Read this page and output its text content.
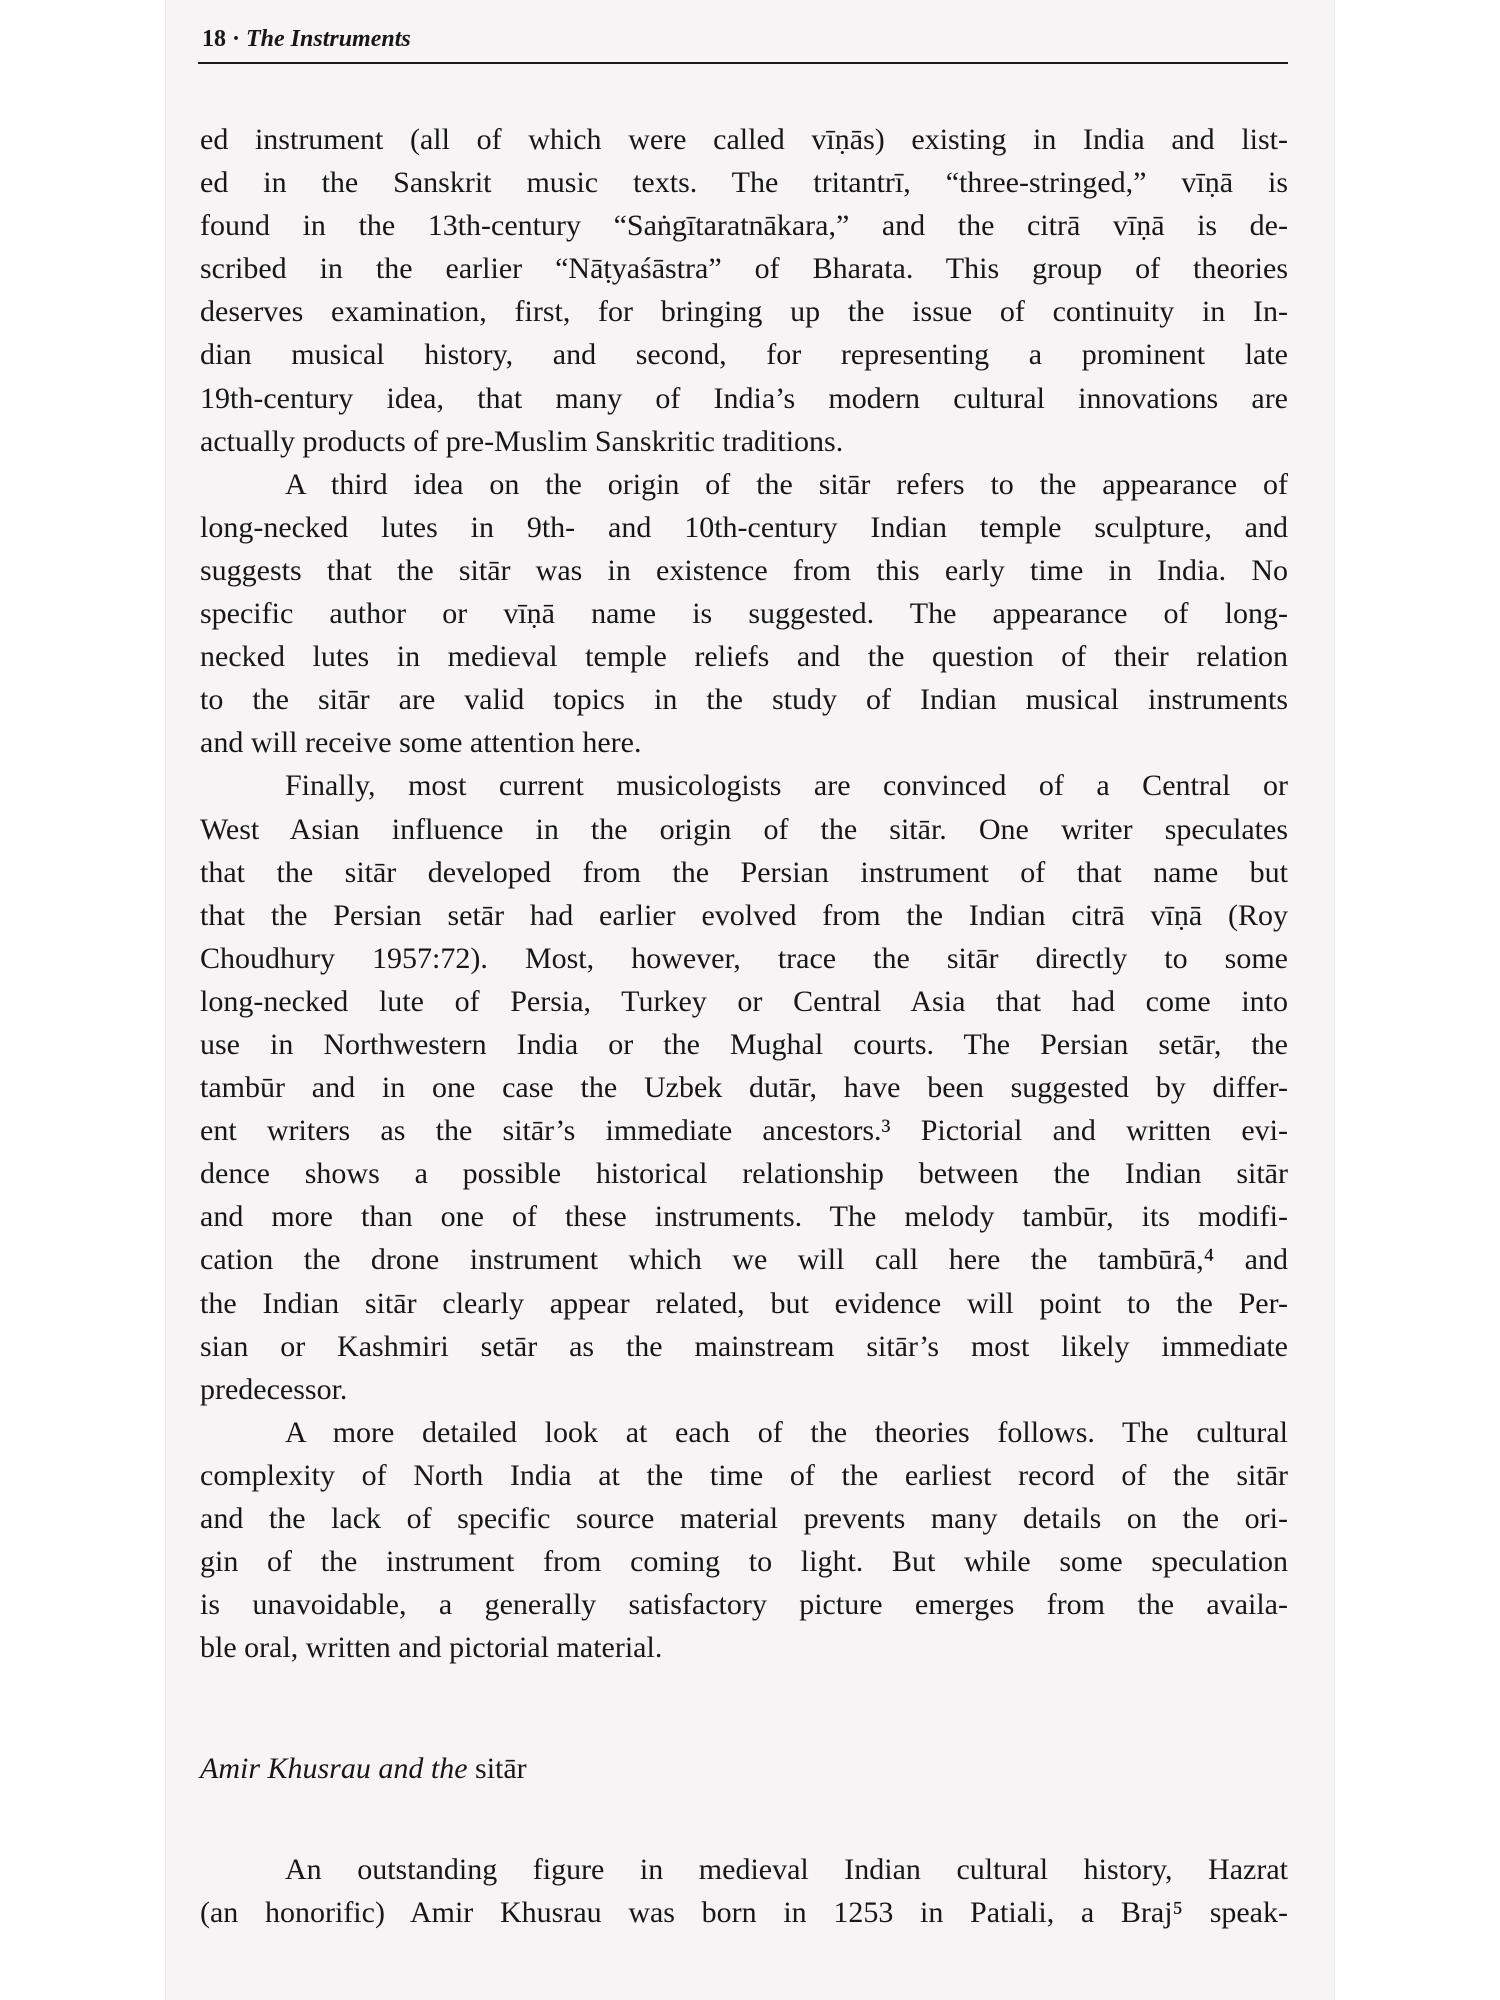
18 · The Instruments
ed instrument (all of which were called vīṇās) existing in India and list-
ed in the Sanskrit music texts. The tritantrī, “three-stringed,” vīṇā is
found in the 13th-century “Saṅgītaratnākara,” and the citrā vīṇā is de-
scribed in the earlier “Nāṭyaśāstra” of Bharata. This group of theories
deserves examination, first, for bringing up the issue of continuity in In-
dian musical history, and second, for representing a prominent late
19th-century idea, that many of India’s modern cultural innovations are
actually products of pre-Muslim Sanskritic traditions.
A third idea on the origin of the sitār refers to the appearance of
long-necked lutes in 9th- and 10th-century Indian temple sculpture, and
suggests that the sitār was in existence from this early time in India. No
specific author or vīṇā name is suggested. The appearance of long-
necked lutes in medieval temple reliefs and the question of their relation
to the sitār are valid topics in the study of Indian musical instruments
and will receive some attention here.
Finally, most current musicologists are convinced of a Central or
West Asian influence in the origin of the sitār. One writer speculates
that the sitār developed from the Persian instrument of that name but
that the Persian setār had earlier evolved from the Indian citrā vīṇā (Roy
Choudhury 1957:72). Most, however, trace the sitār directly to some
long-necked lute of Persia, Turkey or Central Asia that had come into
use in Northwestern India or the Mughal courts. The Persian setār, the
tambūr and in one case the Uzbek dutār, have been suggested by differ-
ent writers as the sitār’s immediate ancestors.³ Pictorial and written evi-
dence shows a possible historical relationship between the Indian sitār
and more than one of these instruments. The melody tambūr, its modifi-
cation the drone instrument which we will call here the tambūrā,⁴ and
the Indian sitār clearly appear related, but evidence will point to the Per-
sian or Kashmiri setār as the mainstream sitār’s most likely immediate
predecessor.
A more detailed look at each of the theories follows. The cultural
complexity of North India at the time of the earliest record of the sitār
and the lack of specific source material prevents many details on the ori-
gin of the instrument from coming to light. But while some speculation
is unavoidable, a generally satisfactory picture emerges from the availa-
ble oral, written and pictorial material.
Amir Khusrau and the sitār
An outstanding figure in medieval Indian cultural history, Hazrat
(an honorific) Amir Khusrau was born in 1253 in Patiali, a Braj⁵ speak-
